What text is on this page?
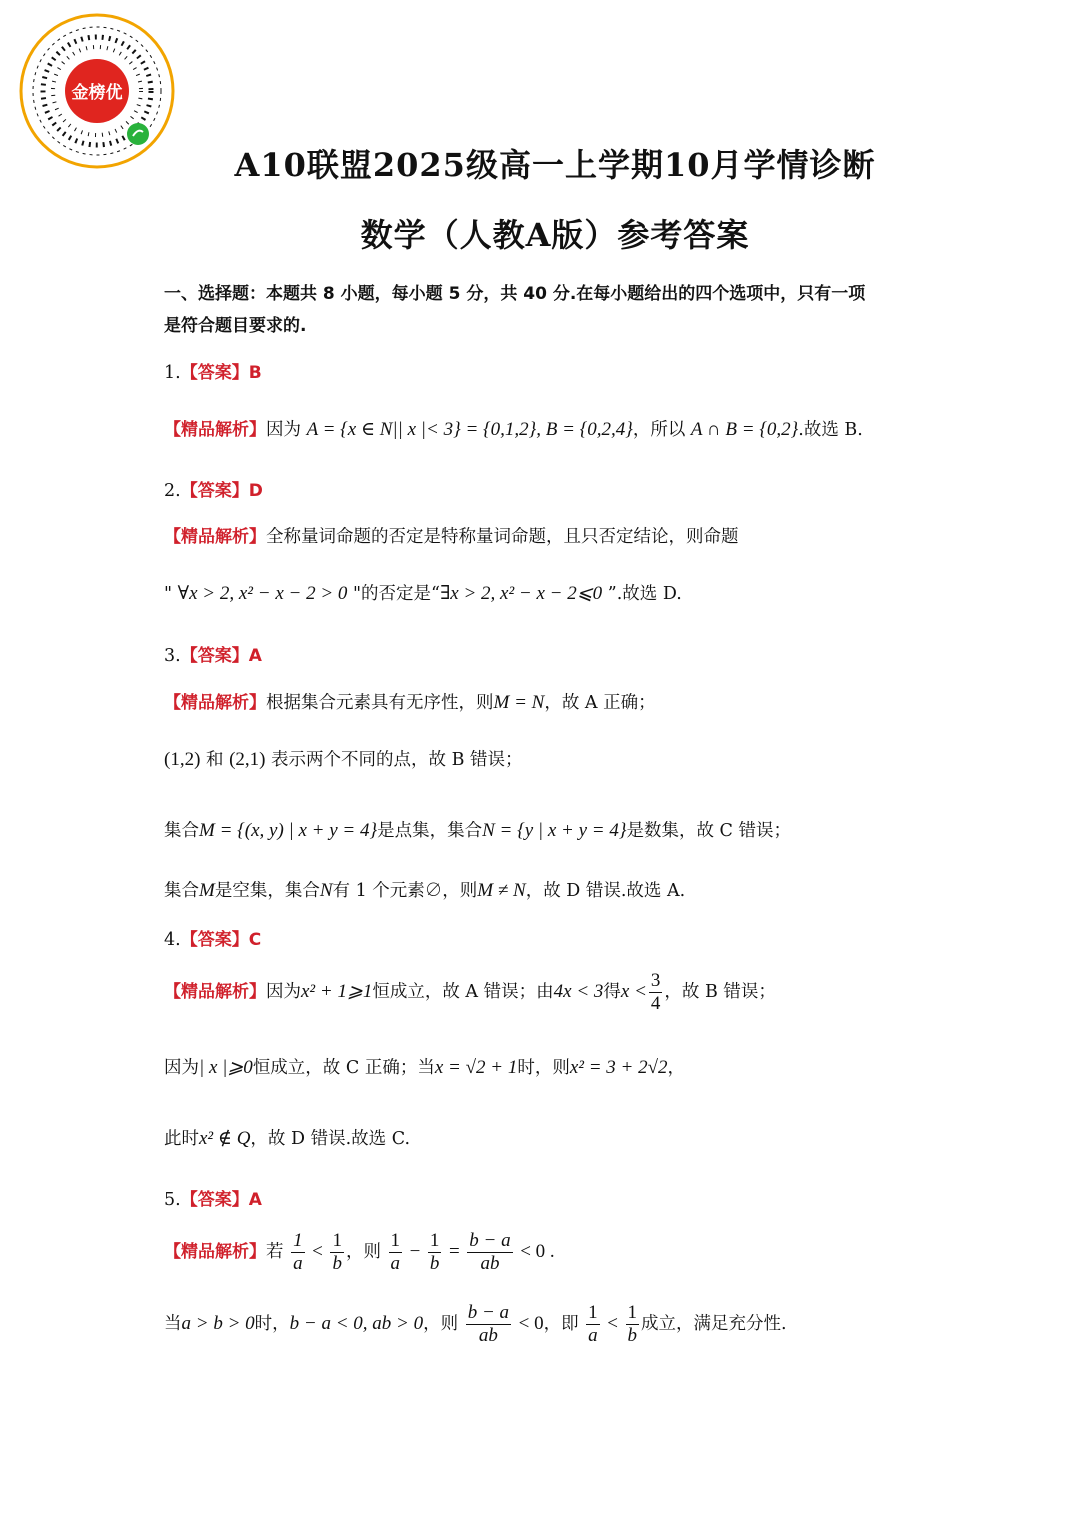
金榜优
A10联盟2025级高一上学期10月学情诊断
数学（人教A版）参考答案
一、选择题：本题共 8 小题，每小题 5 分，共 40 分.在每小题给出的四个选项中，只有一项
是符合题目要求的.
1.【答案】B
【精品解析】因为 A = {x ∈ N|| x |< 3} = {0,1,2}, B = {0,2,4}，所以 A ∩ B = {0,2}.故选 B.
2.【答案】D
【精品解析】全称量词命题的否定是特称量词命题，且只否定结论，则命题
" ∀x > 2, x² − x − 2 > 0 "的否定是“∃x > 2, x² − x − 2⩽0 ”.故选 D.
3.【答案】A
【精品解析】根据集合元素具有无序性，则M = N，故 A 正确；
(1,2) 和 (2,1) 表示两个不同的点，故 B 错误；
集合M = {(x, y) | x + y = 4}是点集，集合N = {y | x + y = 4}是数集，故 C 错误；
集合M是空集，集合N有 1 个元素∅，则M ≠ N，故 D 错误.故选 A.
4.【答案】C
【精品解析】因为x² + 1⩾1恒成立，故 A 错误；由4x < 3得$x < \frac{3}{4}$ ，故 B 错误；
因为| x |⩾0恒成立，故 C 正确；当x = √2 + 1时，则x² = 3 + 2√2，
此时x² ∉ Q，故 D 错误.故选 C.
5.【答案】A
【精品解析】若 $\frac{1}{a} < \frac{1}{b}$ ，则 $\frac{1}{a} - \frac{1}{b} = \frac{b - a}{ab} < 0$ .
当a > b > 0时，b − a < 0, ab > 0，则 $\frac{b - a}{ab} < 0$，即 $\frac{1}{a} < \frac{1}{b}$ 成立，满足充分性.
